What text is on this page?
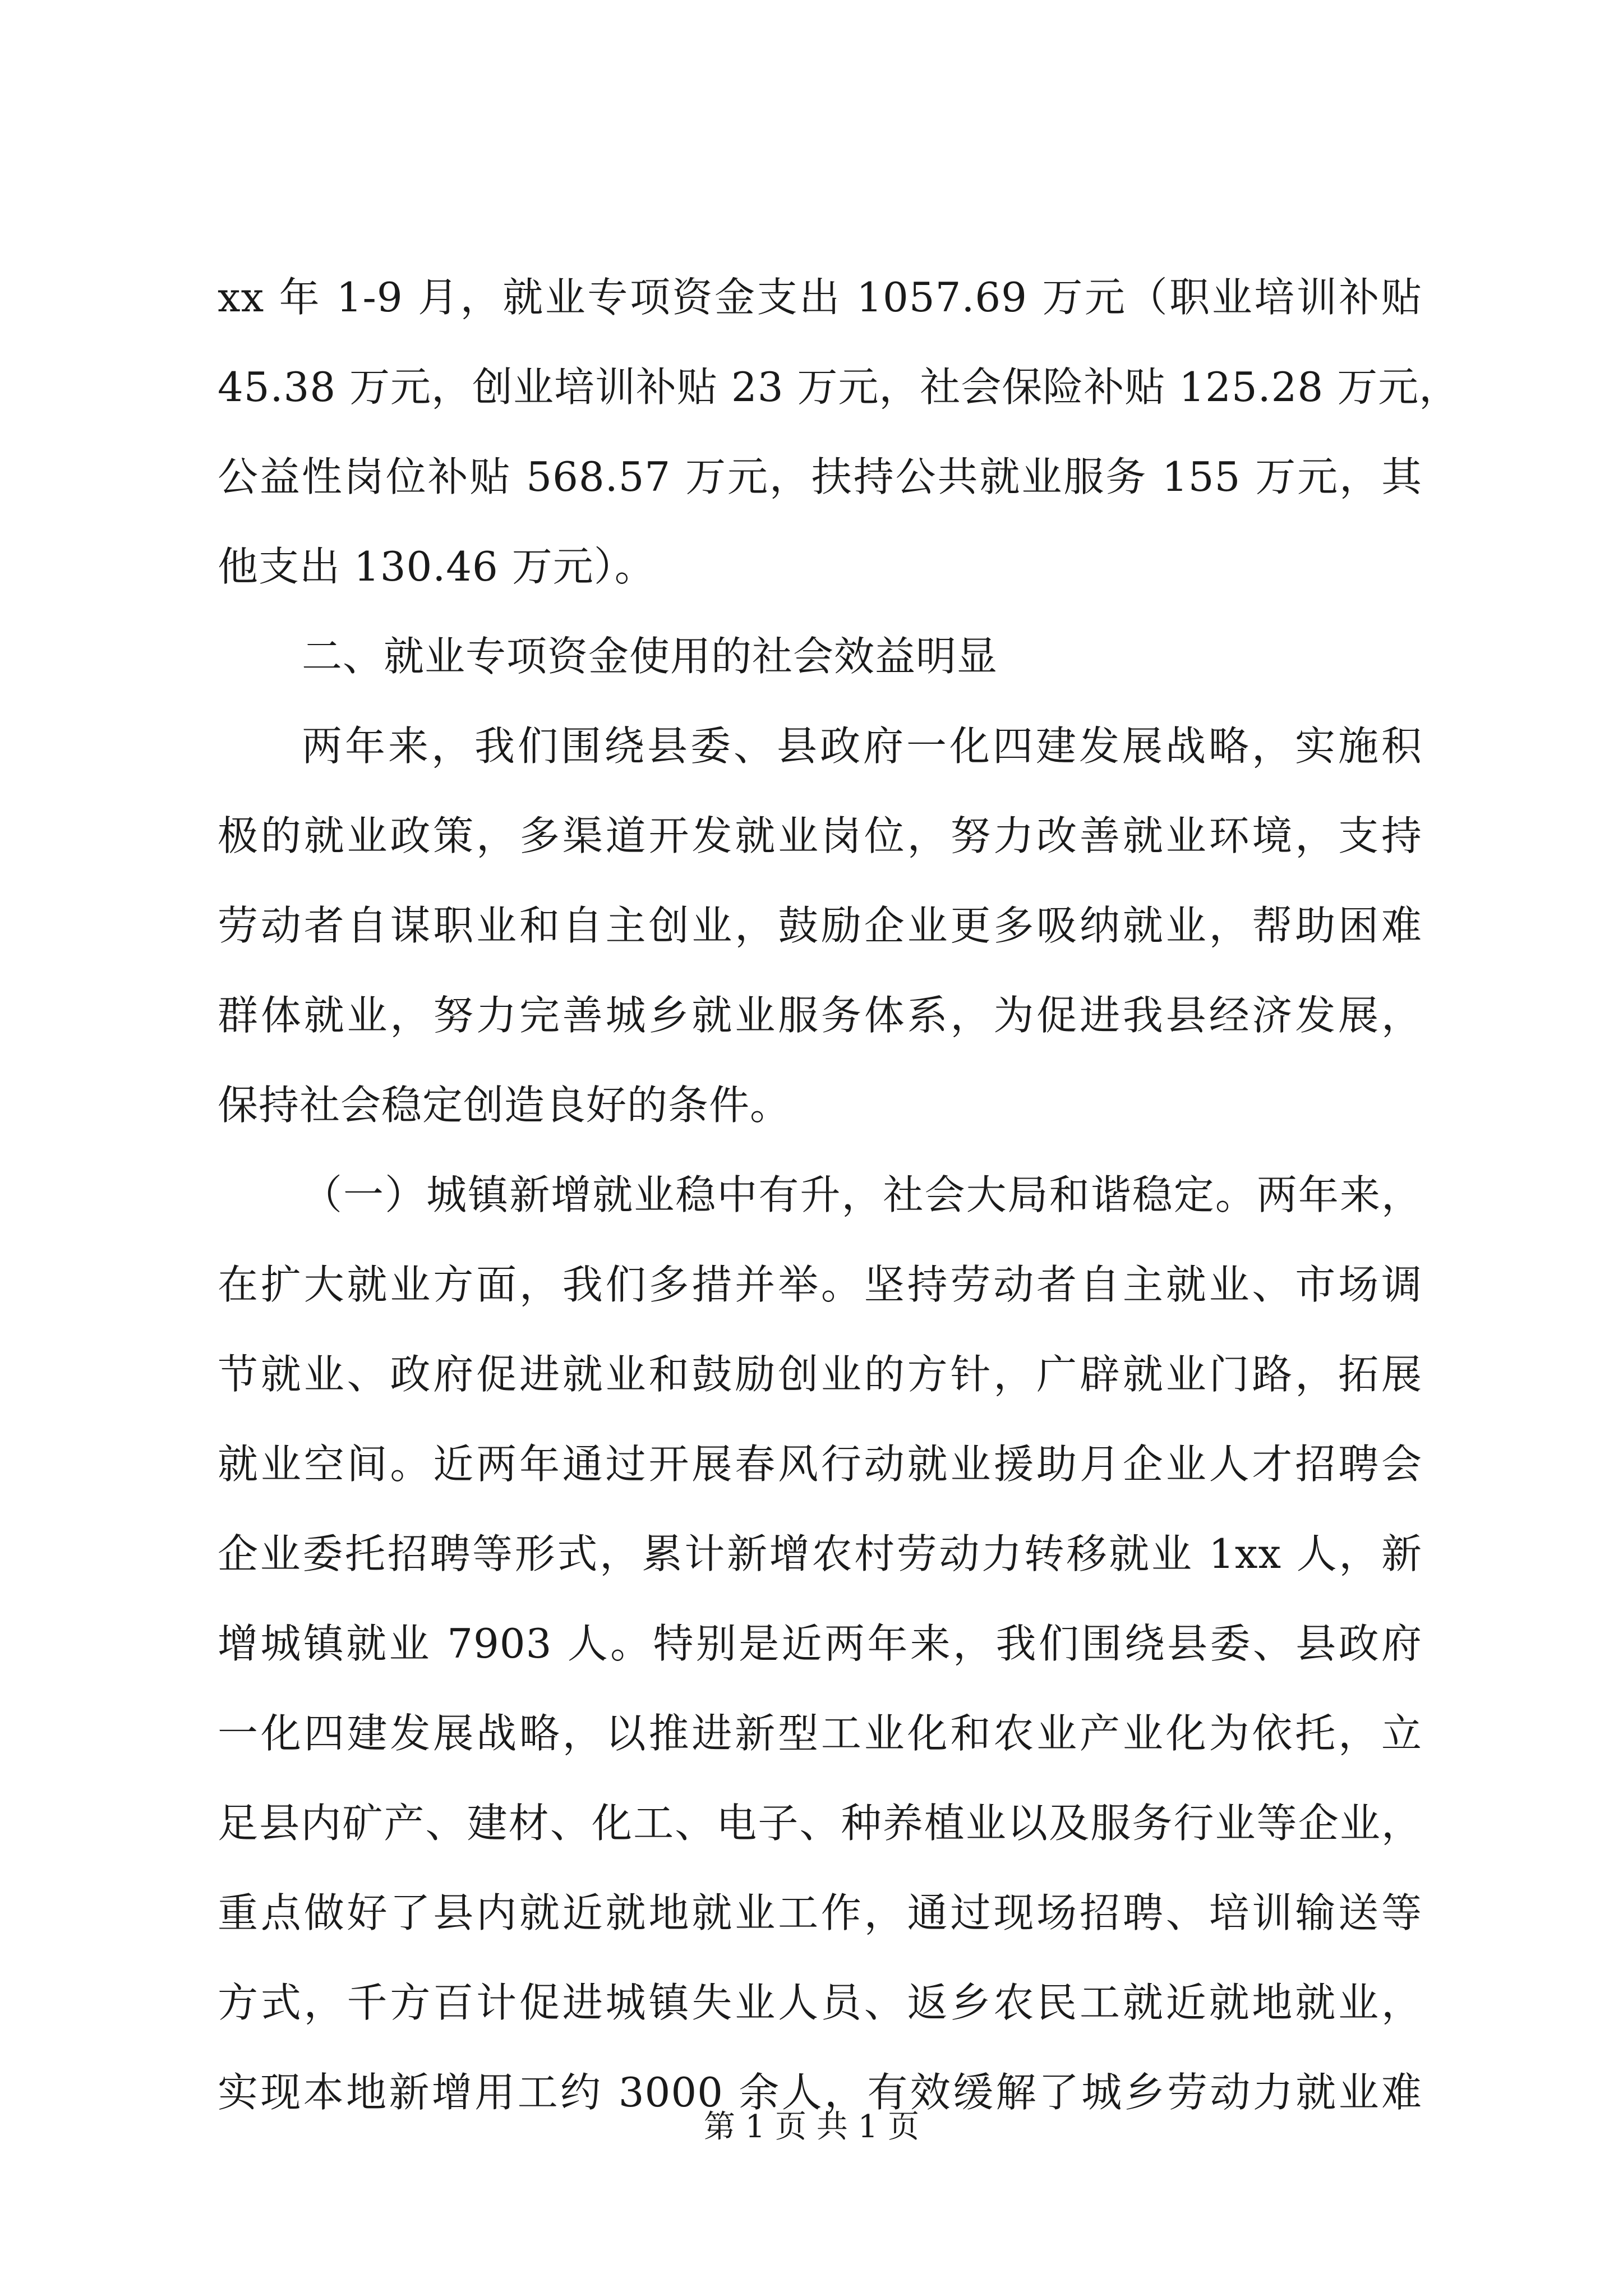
xx 年 1-9 月，就业专项资金支出 1057.69 万元（职业培训补贴
45.38 万元，创业培训补贴 23 万元，社会保险补贴 125.28 万元，
公益性岗位补贴 568.57 万元，扶持公共就业服务 155 万元，其
他支出 130.46 万元）。
二、就业专项资金使用的社会效益明显
两年来，我们围绕县委、县政府一化四建发展战略，实施积
极的就业政策，多渠道开发就业岗位，努力改善就业环境，支持
劳动者自谋职业和自主创业，鼓励企业更多吸纳就业，帮助困难
群体就业，努力完善城乡就业服务体系，为促进我县经济发展，
保持社会稳定创造良好的条件。
（一）城镇新增就业稳中有升，社会大局和谐稳定。两年来，
在扩大就业方面，我们多措并举。坚持劳动者自主就业、市场调
节就业、政府促进就业和鼓励创业的方针，广辟就业门路，拓展
就业空间。近两年通过开展春风行动就业援助月企业人才招聘会
企业委托招聘等形式，累计新增农村劳动力转移就业 1xx 人，新
增城镇就业 7903 人。特别是近两年来，我们围绕县委、县政府
一化四建发展战略，以推进新型工业化和农业产业化为依托，立
足县内矿产、建材、化工、电子、种养植业以及服务行业等企业，
重点做好了县内就近就地就业工作，通过现场招聘、培训输送等
方式，千方百计促进城镇失业人员、返乡农民工就近就地就业，
实现本地新增用工约 3000 余人，有效缓解了城乡劳动力就业难
第 1 页 共 1 页
